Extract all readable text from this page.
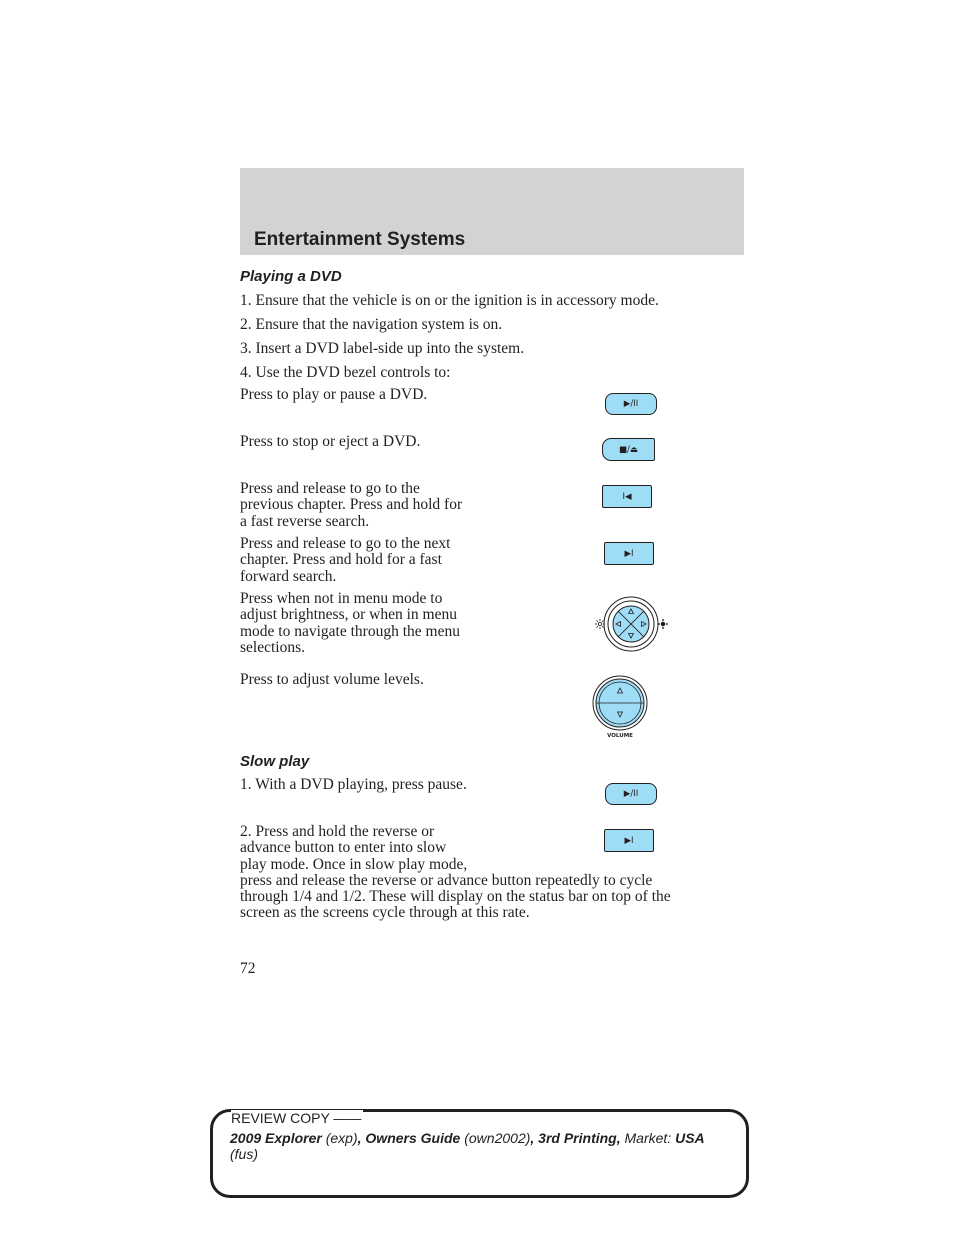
Entertainment Systems
Playing a DVD
1. Ensure that the vehicle is on or the ignition is in accessory mode.
2. Ensure that the navigation system is on.
3. Insert a DVD label-side up into the system.
4. Use the DVD bezel controls to:
Press to play or pause a DVD.
▶/II
Press to stop or eject a DVD.	■/⏏
Press and release to go to the
previous chapter. Press and hold for
a fast reverse search.
I◀
Press and release to go to the next
chapter. Press and hold for a fast
forward search.
▶I
Press when not in menu mode to
adjust brightness, or when in menu
mode to navigate through the menu
selections.
Press to adjust volume levels.
VOLUME
Slow play
1. With a DVD playing, press pause.
▶/II
2. Press and hold the reverse or
advance button to enter into slow
play mode. Once in slow play mode,
press and release the reverse or advance button repeatedly to cycle
through 1/4 and 1/2. These will display on the status bar on top of the
screen as the screens cycle through at this rate.
▶I
72
REVIEW COPY ——
2009 Explorer (exp), Owners Guide (own2002), 3rd Printing, Market: USA
(fus)
